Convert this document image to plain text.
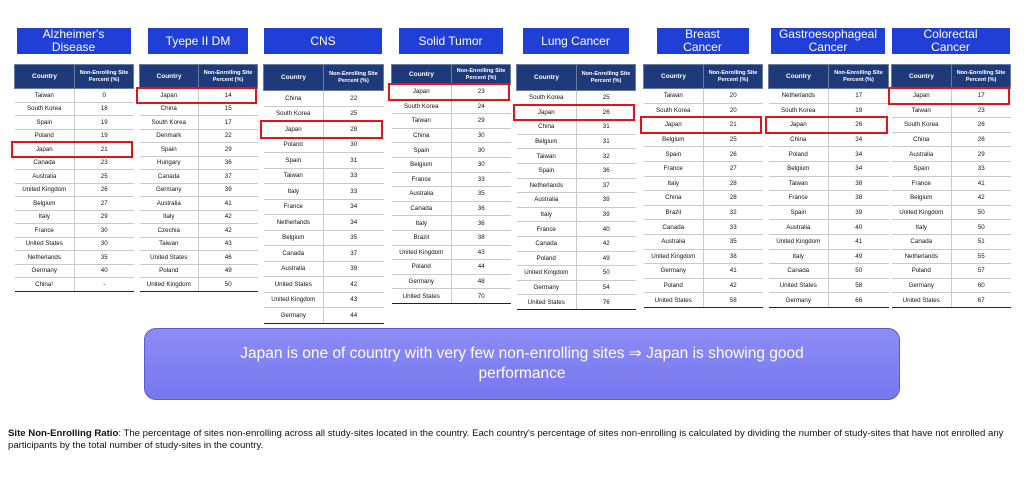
Alzheimer's
Disease
Country	Non-Enrolling Site Percent (%)
Taiwan	0
South Korea	18
Spain	19
Poland	19
Japan	21
Canada	23
Australia	25
United Kingdom	26
Belgium	27
Italy	29
France	30
United States	30
Netherlands	35
Germany	40
China¹	-
Tyepe II DM
Country	Non-Enrolling Site Percent (%)
Japan	14
China	15
South Korea	17
Denmark	22
Spain	29
Hungary	36
Canada	37
Germany	39
Australia	41
Italy	42
Czechia	42
Taiwan	43
United States	46
Poland	49
United Kingdom	50
CNS
Country	Non-Enrolling Site Percent (%)
China	22
South Korea	25
Japan	28
Poland	30
Spain	31
Taiwan	33
Italy	33
France	34
Netherlands	34
Belgium	35
Canada	37
Australia	39
United States	42
United Kingdom	43
Germany	44
Solid Tumor
Country	Non-Enrolling Site Percent (%)
Japan	23
South Korea	24
Taiwan	29
China	30
Spain	30
Belgium	30
France	33
Australia	35
Canada	36
Italy	36
Brazil	38
United Kingdom	43
Poland	44
Germany	48
United States	70
Lung Cancer
Country	Non-Enrolling Site Percent (%)
South Korea	25
Japan	26
China	31
Belgium	31
Taiwan	32
Spain	36
Netherlands	37
Australia	39
Italy	39
France	40
Canada	42
Poland	49
United Kingdom	50
Germany	54
United States	76
Breast
Cancer
Country	Non-Enrolling Site Percent (%)
Taiwan	20
South Korea	20
Japan	21
Belgium	25
Spain	26
France	27
Italy	28
China	28
Brazil	32
Canada	33
Australia	35
United Kingdom	38
Germany	41
Poland	42
United States	58
Gastroesophageal
Cancer
Country	Non-Enrolling Site Percent (%)
Netherlands	17
South Korea	19
Japan	26
China	34
Poland	34
Belgium	34
Taiwan	38
France	38
Spain	39
Australia	40
United Kingdom	41
Italy	49
Canada	50
United States	58
Germany	66
Colorectal
Cancer
Country	Non-Enrolling Site Percent (%)
Japan	17
Taiwan	23
South Korea	26
China	26
Australia	29
Spain	33
France	41
Belgium	42
United Kingdom	50
Italy	50
Canada	51
Netherlands	55
Poland	57
Germany	60
United States	67
Japan is one of country with very few non-enrolling sites ⇒ Japan is showing good performance
Site Non-Enrolling Ratio: The percentage of sites non-enrolling across all study-sites located in the country. Each country's percentage of sites non-enrolling is calculated by dividing the number of study-sites that have not enrolled any participants by the total number of study-sites in the country.
